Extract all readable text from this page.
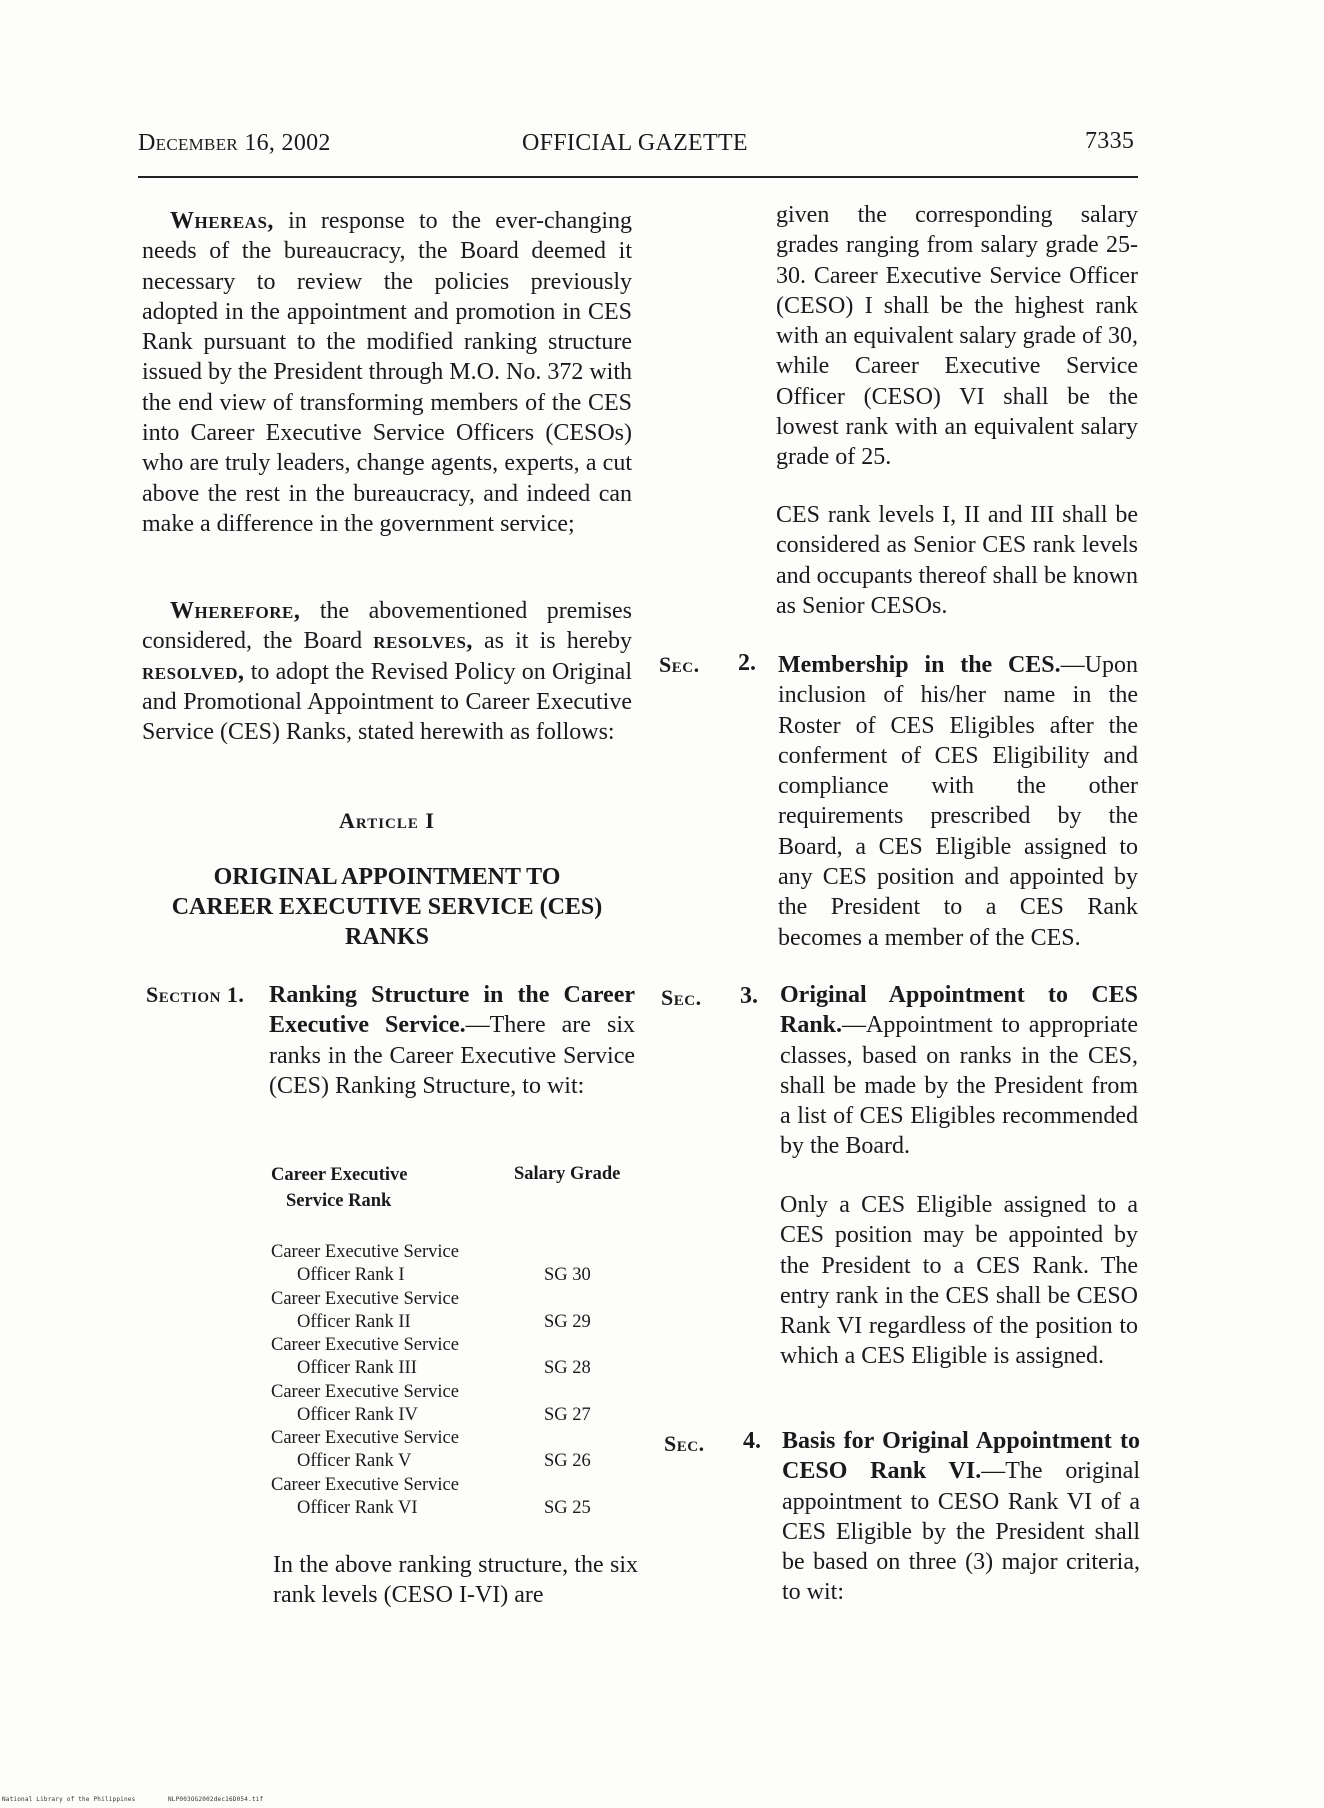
December 16, 2002	OFFICIAL GAZETTE	7335

Whereas, in response to the ever-changing needs of the bureaucracy, the Board deemed it necessary to review the policies previously adopted in the appointment and promotion in CES Rank pursuant to the modified ranking structure issued by the President through M.O. No. 372 with the end view of transforming members of the CES into Career Executive Service Officers (CESOs) who are truly leaders, change agents, experts, a cut above the rest in the bureaucracy, and indeed can make a difference in the government service;

Wherefore, the abovementioned premises considered, the Board resolves, as it is hereby resolved, to adopt the Revised Policy on Original and Promotional Appointment to Career Executive Service (CES) Ranks, stated herewith as follows:

Article I
ORIGINAL APPOINTMENT TO
CAREER EXECUTIVE SERVICE (CES)
RANKS
Section 1. Ranking Structure in the Career Executive Service.—There are six ranks in the Career Executive Service (CES) Ranking Structure, to wit:

Career Executive
Service Rank
Salary Grade
Career Executive Service
Officer Rank I	SG 30
Career Executive Service
Officer Rank II	SG 29
Career Executive Service
Officer Rank III	SG 28
Career Executive Service
Officer Rank IV	SG 27
Career Executive Service
Officer Rank V	SG 26
Career Executive Service
Officer Rank VI	SG 25

In the above ranking structure, the six rank levels (CESO I-VI) are

given the corresponding salary grades ranging from salary grade 25-30. Career Executive Service Officer (CESO) I shall be the highest rank with an equivalent salary grade of 30, while Career Executive Service Officer (CESO) VI shall be the lowest rank with an equivalent salary grade of 25.

CES rank levels I, II and III shall be considered as Senior CES rank levels and occupants thereof shall be known as Senior CESOs.

Sec. 2. Membership in the CES.—Upon inclusion of his/her name in the Roster of CES Eligibles after the conferment of CES Eligibility and compliance with the other requirements prescribed by the Board, a CES Eligible assigned to any CES position and appointed by the President to a CES Rank becomes a member of the CES.

Sec. 3. Original Appointment to CES Rank.—Appointment to appropriate classes, based on ranks in the CES, shall be made by the President from a list of CES Eligibles recommended by the Board.

Only a CES Eligible assigned to a CES position may be appointed by the President to a CES Rank. The entry rank in the CES shall be CESO Rank VI regardless of the position to which a CES Eligible is assigned.

Sec. 4. Basis for Original Appointment to CESO Rank VI.—The original appointment to CESO Rank VI of a CES Eligible by the President shall be based on three (3) major criteria, to wit:

National Library of the Philippines	NLP003OG2002dec16D054.tif
